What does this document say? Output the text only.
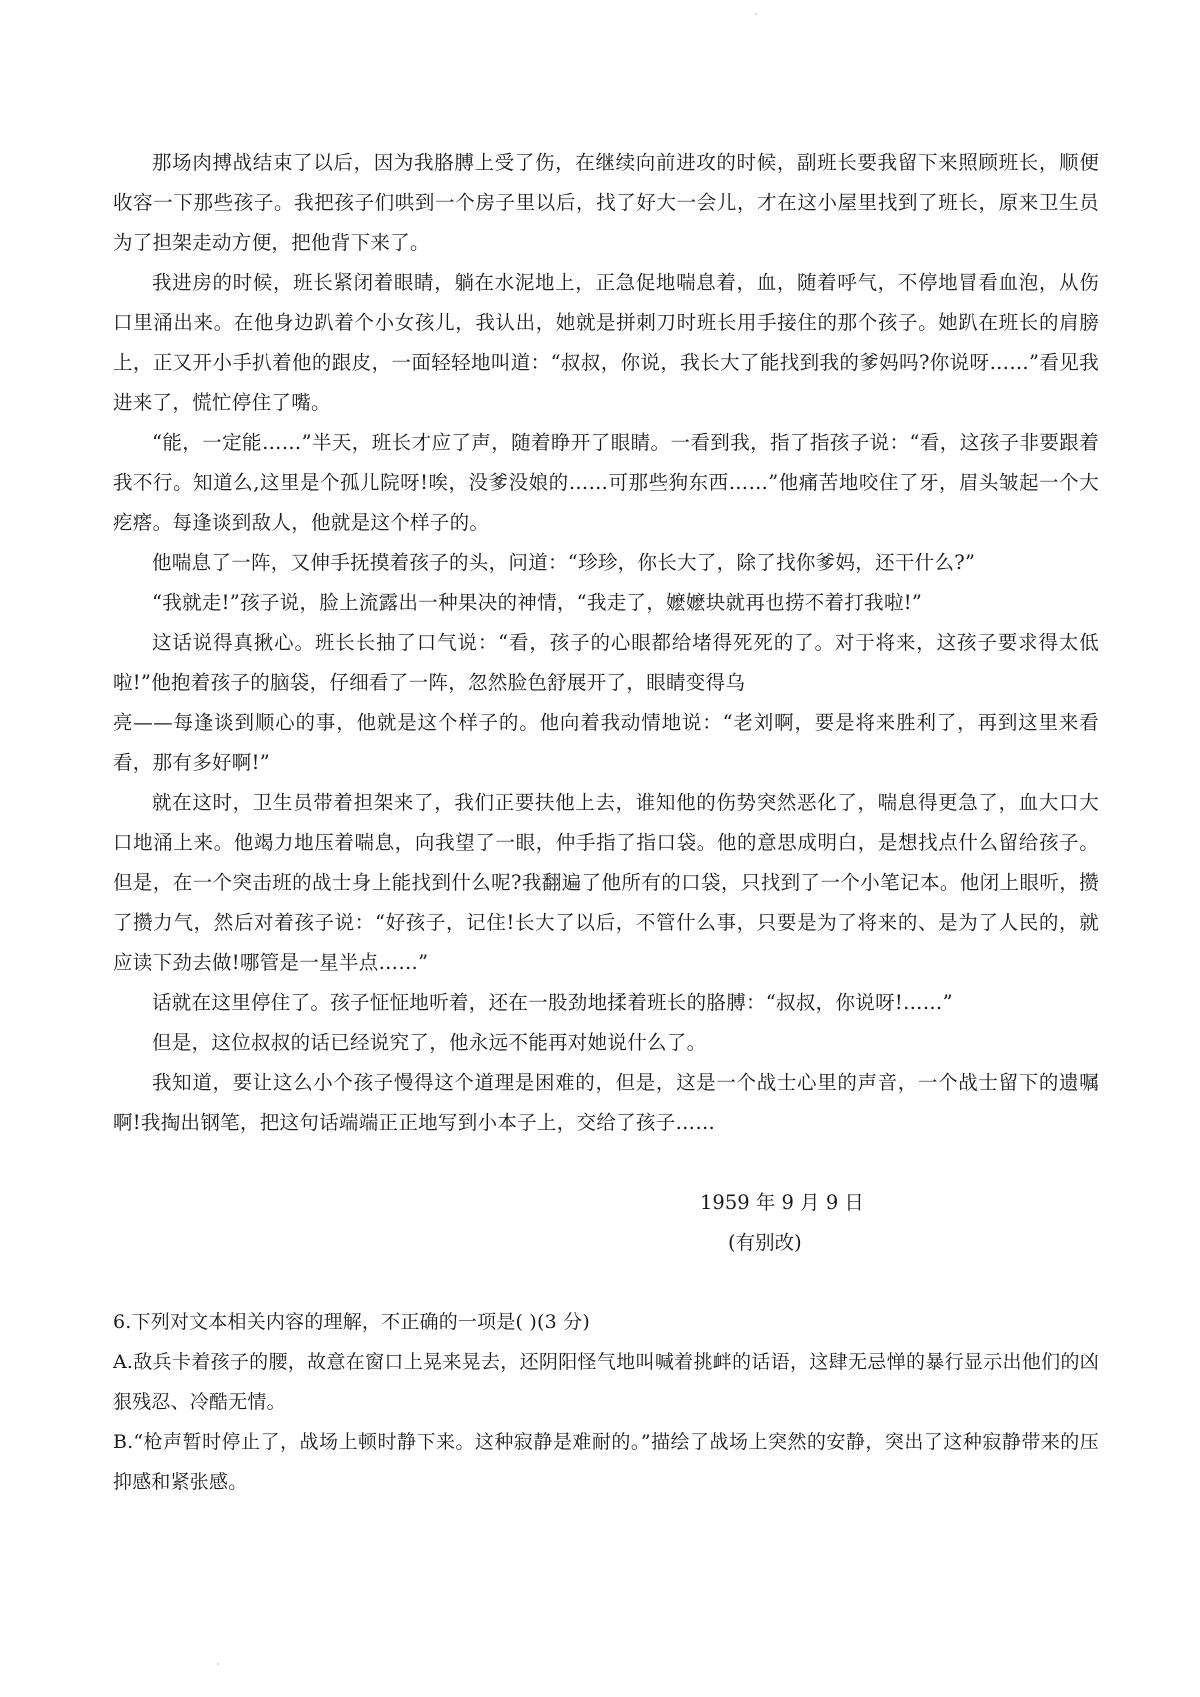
那场肉搏战结束了以后，因为我胳膊上受了伤，在继续向前进攻的时候，副班长要我留下来照顾班长，顺便收容一下那些孩子。我把孩子们哄到一个房子里以后，找了好大一会儿，才在这小屋里找到了班长，原来卫生员为了担架走动方便，把他背下来了。

我进房的时候，班长紧闭着眼睛，躺在水泥地上，正急促地喘息着，血，随着呼气，不停地冒看血泡，从伤口里涌出来。在他身边趴着个小女孩儿，我认出，她就是拼刺刀时班长用手接住的那个孩子。她趴在班长的肩膀上，正又开小手扒着他的跟皮，一面轻轻地叫道：“叔叔，你说，我长大了能找到我的爹妈吗?你说呀……”看见我进来了，慌忙停住了嘴。

“能，一定能……”半天，班长才应了声，随着睁开了眼睛。一看到我，指了指孩子说：“看，这孩子非要跟着我不行。知道么,这里是个孤儿院呀!唉，没爹没娘的……可那些狗东西……”他痛苦地咬住了牙，眉头皱起一个大疙瘩。每逢谈到敌人，他就是这个样子的。

他喘息了一阵，又伸手抚摸着孩子的头，问道：“珍珍，你长大了，除了找你爹妈，还干什么?”

“我就走!”孩子说，脸上流露出一种果决的神情，“我走了，嬷嬷块就再也捞不着打我啦!”

这话说得真揪心。班长长抽了口气说：“看，孩子的心眼都给堵得死死的了。对于将来，这孩子要求得太低啦!”他抱着孩子的脑袋，仔细看了一阵，忽然脸色舒展开了，眼睛变得乌

亮——每逢谈到顺心的事，他就是这个样子的。他向着我动情地说：“老刘啊，要是将来胜利了，再到这里来看看，那有多好啊!”

就在这时，卫生员带着担架来了，我们正要扶他上去，谁知他的伤势突然恶化了，喘息得更急了，血大口大口地涌上来。他竭力地压着喘息，向我望了一眼，仲手指了指口袋。他的意思成明白，是想找点什么留给孩子。但是，在一个突击班的战士身上能找到什么呢?我翻遍了他所有的口袋，只找到了一个小笔记本。他闭上眼听，攒了攒力气，然后对着孩子说：“好孩子，记住!长大了以后，不管什么事，只要是为了将来的、是为了人民的，就应读下劲去做!哪管是一星半点……”

话就在这里停住了。孩子怔怔地听着，还在一股劲地揉着班长的胳膊：“叔叔，你说呀!……”

但是，这位叔叔的话已经说究了，他永远不能再对她说什么了。

我知道，要让这么小个孩子慢得这个道理是困难的，但是，这是一个战士心里的声音，一个战士留下的遗嘱啊!我掏出钢笔，把这句话端端正正地写到小本子上，交给了孩子……

1959 年 9 月 9 日
(有别改)

6.下列对文本相关内容的理解，不正确的一项是( )(3 分)

A.敌兵卡着孩子的腰，故意在窗口上晃来晃去，还阴阳怪气地叫喊着挑衅的话语，这肆无忌惮的暴行显示出他们的凶狠残忍、冷酷无情。

B.“枪声暂时停止了，战场上顿时静下来。这种寂静是难耐的。”描绘了战场上突然的安静，突出了这种寂静带来的压抑感和紧张感。
